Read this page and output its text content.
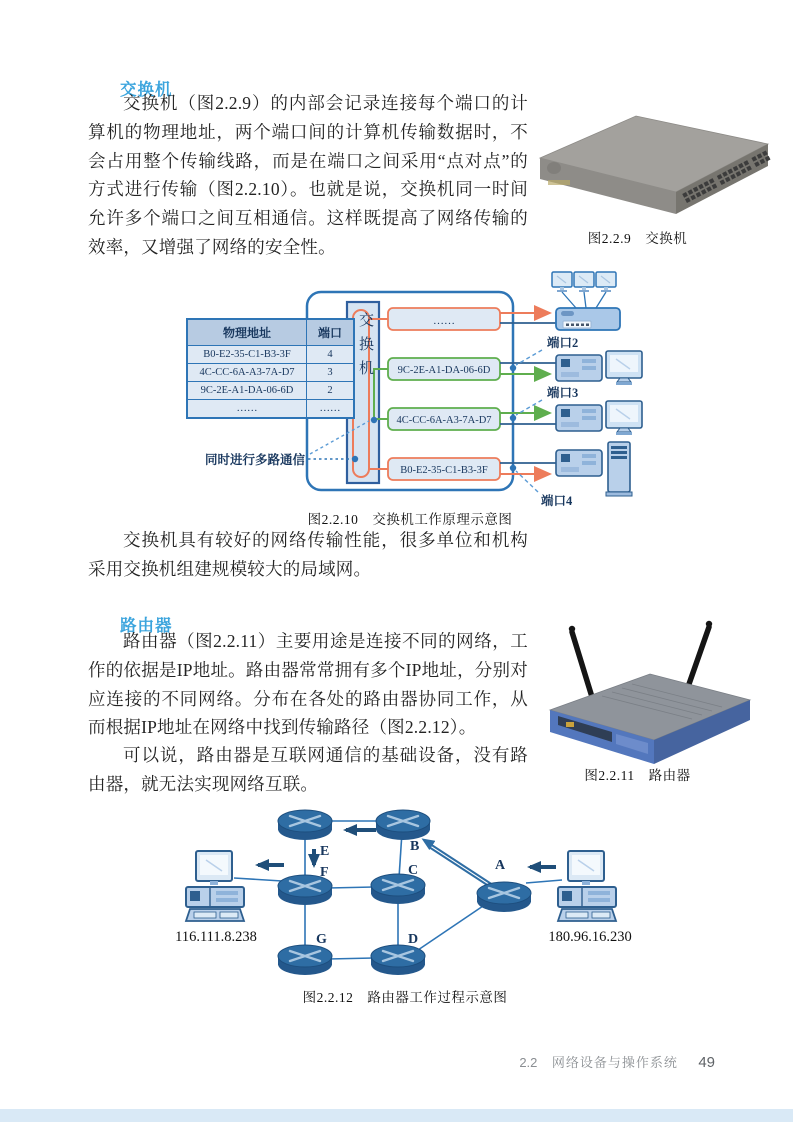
交换机

交换机（图2.2.9）的内部会记录连接每个端口的计算机的物理地址，两个端口间的计算机传输数据时，不会占用整个传输线路，而是在端口之间采用“点对点”的方式进行传输（图2.2.10）。也就是说，交换机同一时间允许多个端口之间互相通信。这样既提高了网络传输的效率，又增强了网络的安全性。	图2.2.9　交换机
……
9C-2E-A1-DA-06-6D
4C-CC-6A-A3-7A-D7
B0-E2-35-C1-B3-3F
端口2
端口3
端口4
同时进行多路通信
物理地址	端口
B0-E2-35-C1-B3-3F	4
4C-CC-6A-A3-7A-D7	3
9C-2E-A1-DA-06-6D	2
……	……
交换机
图2.2.10　交换机工作原理示意图

交换机具有较好的网络传输性能，很多单位和机构采用交换机组建规模较大的局域网。

路由器

路由器（图2.2.11）主要用途是连接不同的网络，工作的依据是IP地址。路由器常常拥有多个IP地址，分别对应连接的不同网络。分布在各处的路由器协同工作，从而根据IP地址在网络中找到传输路径（图2.2.12）。

可以说，路由器是互联网通信的基础设备，没有路由器，就无法实现网络互联。	图2.2.11　路由器
A
B
C
D
E
F
G
116.111.8.238	180.96.16.230
图2.2.12　路由器工作过程示意图
2.2 网络设备与操作系统 49
